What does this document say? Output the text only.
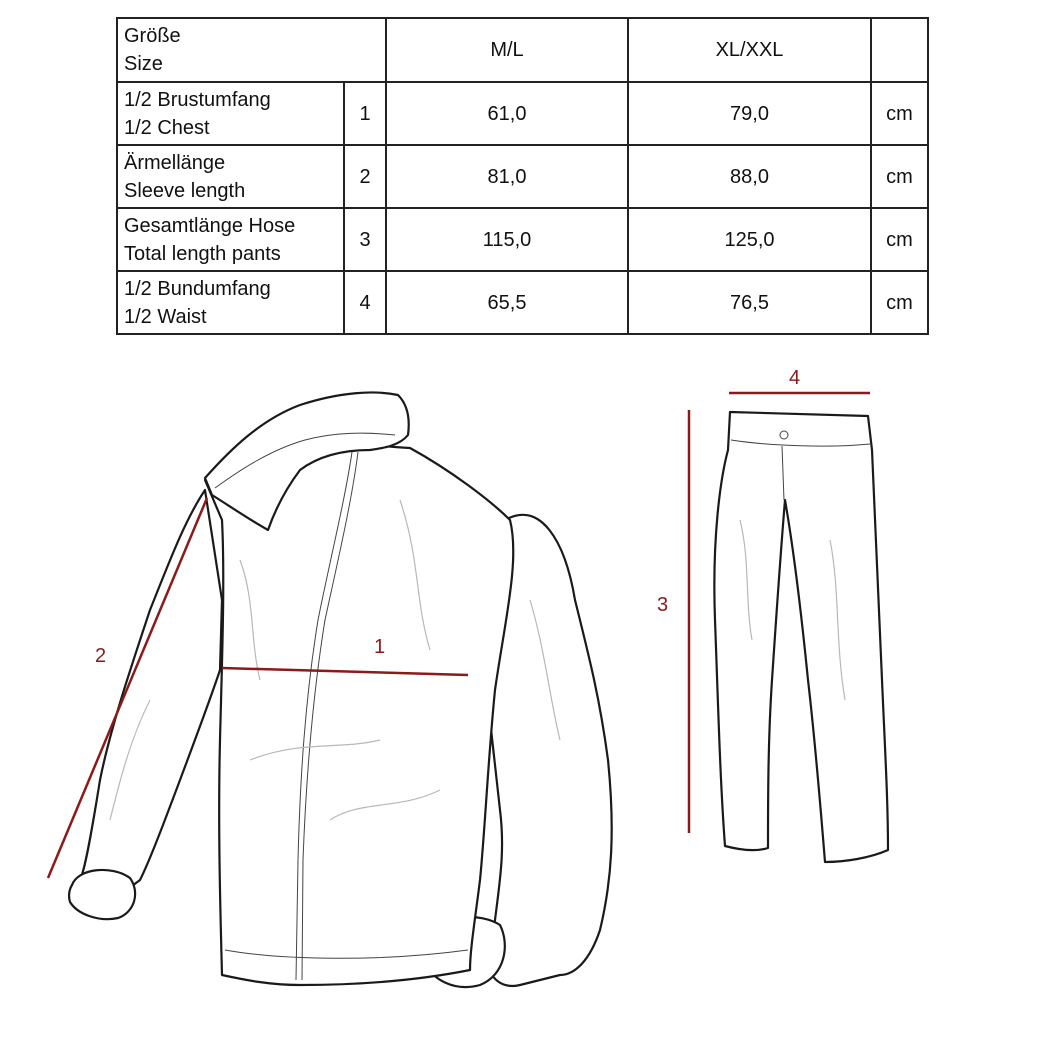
Größe
Size		M/L	XL/XXL	

1/2 Brustumfang
1/2 Chest	1	61,0	79,0	cm

Ärmellänge
Sleeve length	2	81,0	88,0	cm

Gesamtlänge Hose
Total length pants	3	115,0	125,0	cm

1/2 Bundumfang
1/2 Waist	4	65,5	76,5	cm
1
2
3
4
